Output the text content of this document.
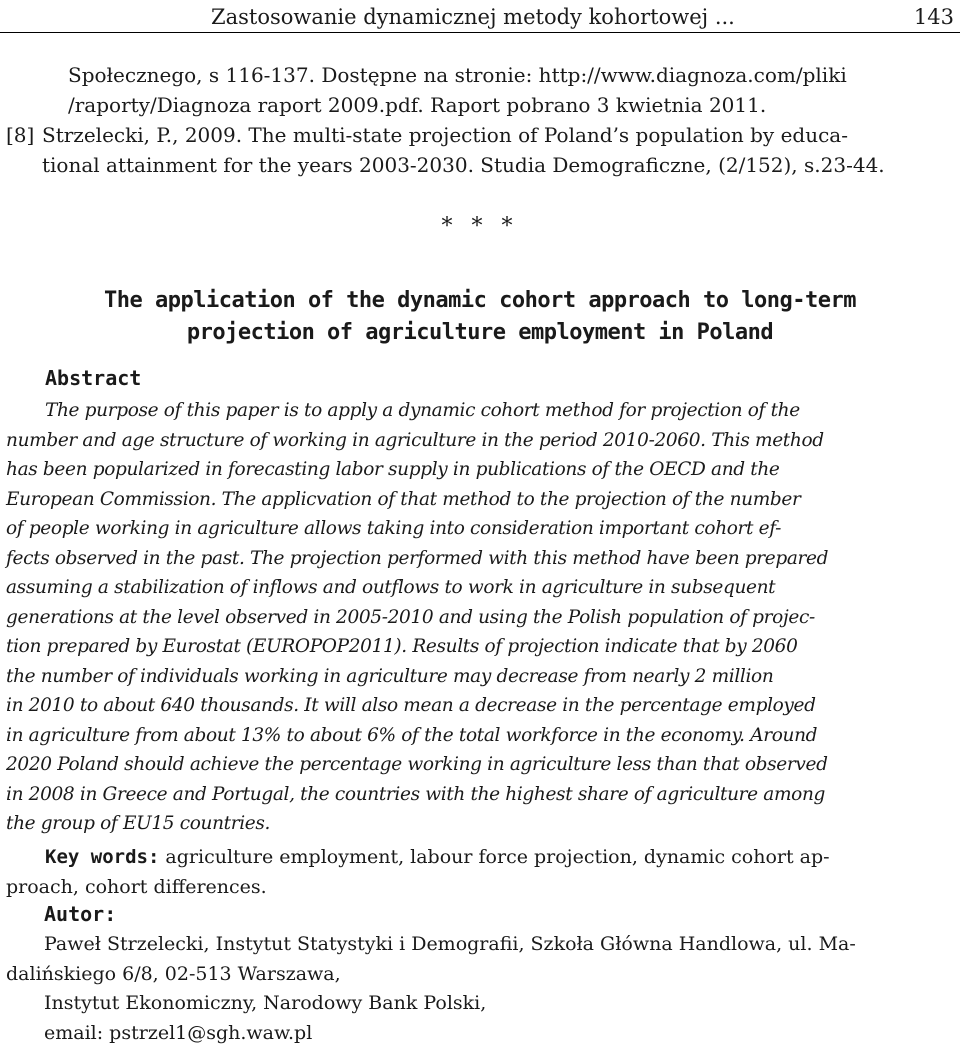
Zastosowanie dynamicznej metody kohortowej ...	143
Społecznego, s 116-137. Dostępne na stronie: http://www.diagnoza.com/pliki
/raporty/Diagnoza raport 2009.pdf. Raport pobrano 3 kwietnia 2011.
[8] Strzelecki, P., 2009. The multi-state projection of Poland’s population by educa-
tional attainment for the years 2003-2030. Studia Demograficzne, (2/152), s.23-44.
* * *
The application of the dynamic cohort approach to long-term
projection of agriculture employment in Poland
Abstract
The purpose of this paper is to apply a dynamic cohort method for projection of the
number and age structure of working in agriculture in the period 2010-2060. This method
has been popularized in forecasting labor supply in publications of the OECD and the
European Commission. The applicvation of that method to the projection of the number
of people working in agriculture allows taking into consideration important cohort ef-
fects observed in the past. The projection performed with this method have been prepared
assuming a stabilization of inflows and outflows to work in agriculture in subsequent
generations at the level observed in 2005-2010 and using the Polish population of projec-
tion prepared by Eurostat (EUROPOP2011). Results of projection indicate that by 2060
the number of individuals working in agriculture may decrease from nearly 2 million
in 2010 to about 640 thousands. It will also mean a decrease in the percentage employed
in agriculture from about 13% to about 6% of the total workforce in the economy. Around
2020 Poland should achieve the percentage working in agriculture less than that observed
in 2008 in Greece and Portugal, the countries with the highest share of agriculture among
the group of EU15 countries.
Key words: agriculture employment, labour force projection, dynamic cohort ap-
proach, cohort differences.
Autor:
Paweł Strzelecki, Instytut Statystyki i Demografii, Szkoła Główna Handlowa, ul. Ma-
dalińskiego 6/8, 02-513 Warszawa,
Instytut Ekonomiczny, Narodowy Bank Polski,
email: pstrzel1@sgh.waw.pl
